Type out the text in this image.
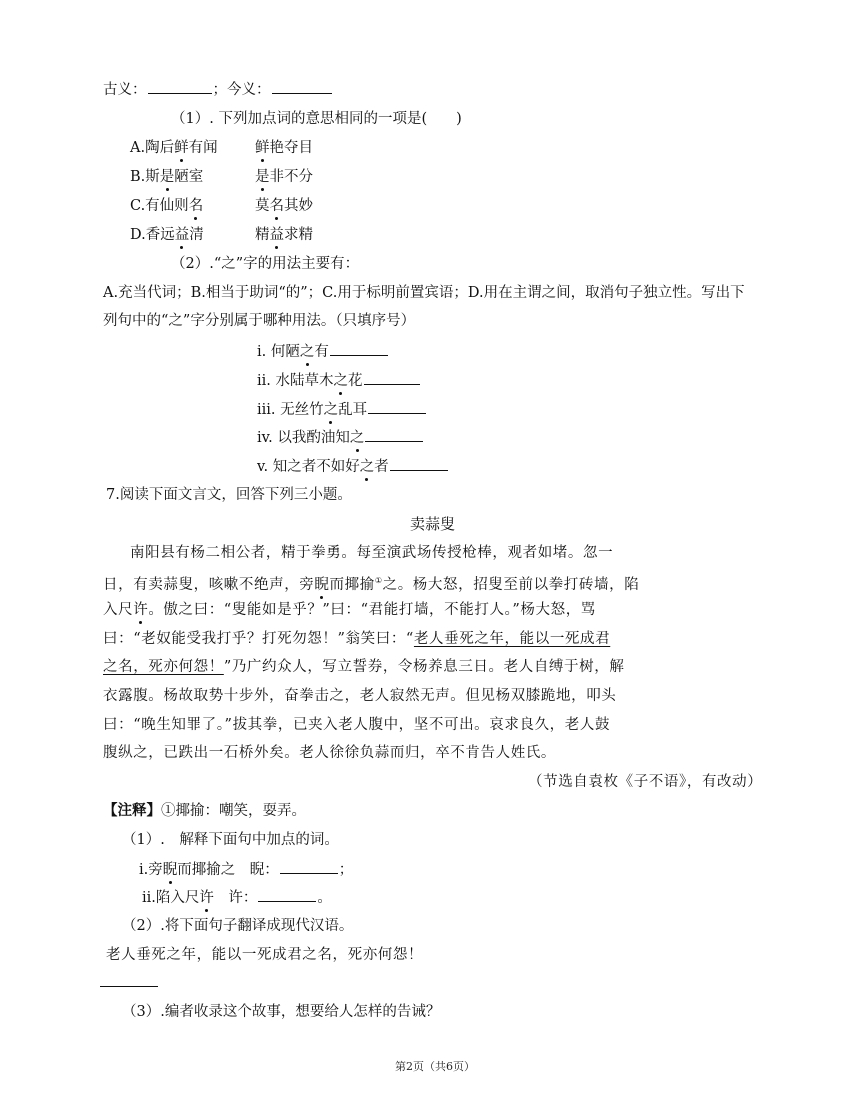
古义：	；今义：
（1）. 下列加点词的意思相同的一项是(　　)
A.陶后鲜有闻	鲜艳夺目
B.斯是陋室	是非不分
C.有仙则名	莫名其妙
D.香远益清	精益求精
（2）.“之”字的用法主要有：
A.充当代词；B.相当于助词“的”；C.用于标明前置宾语；D.用在主谓之间，取消句子独立性。写出下
列句中的“之”字分别属于哪种用法。（只填序号）
i. 何陋之有
ii. 水陆草木之花
iii. 无丝竹之乱耳
iv. 以我酌油知之
v. 知之者不如好之者
7.阅读下面文言文，回答下列三小题。
卖蒜叟
南阳县有杨二相公者，精于拳勇。每至演武场传授枪棒，观者如堵。忽一
日，有卖蒜叟，咳嗽不绝声，旁睨而揶揄①之。杨大怒，招叟至前以拳打砖墙，陷
入尺许。傲之曰：“叟能如是乎？”曰：“君能打墙，不能打人。”杨大怒，骂
曰：“老奴能受我打乎？打死勿怨！”翁笑曰：“老人垂死之年，能以一死成君
之名，死亦何怨！”乃广约众人，写立誓券，令杨养息三日。老人自缚于树，解
衣露腹。杨故取势十步外，奋拳击之，老人寂然无声。但见杨双膝跪地，叩头
曰：“晚生知罪了。”拔其拳，已夹入老人腹中，坚不可出。哀求良久，老人鼓
腹纵之，已跌出一石桥外矣。老人徐徐负蒜而归，卒不肯告人姓氏。
（节选自袁枚《子不语》，有改动）
【注释】①揶揄：嘲笑，耍弄。
（1）.　解释下面句中加点的词。
i.旁睨而揶揄之　睨：	；
ii.陷入尺许　许：	。
（2）.将下面句子翻译成现代汉语。
老人垂死之年，能以一死成君之名，死亦何怨！
（3）.编者收录这个故事，想要给人怎样的告诫？
第2页（共6页）
